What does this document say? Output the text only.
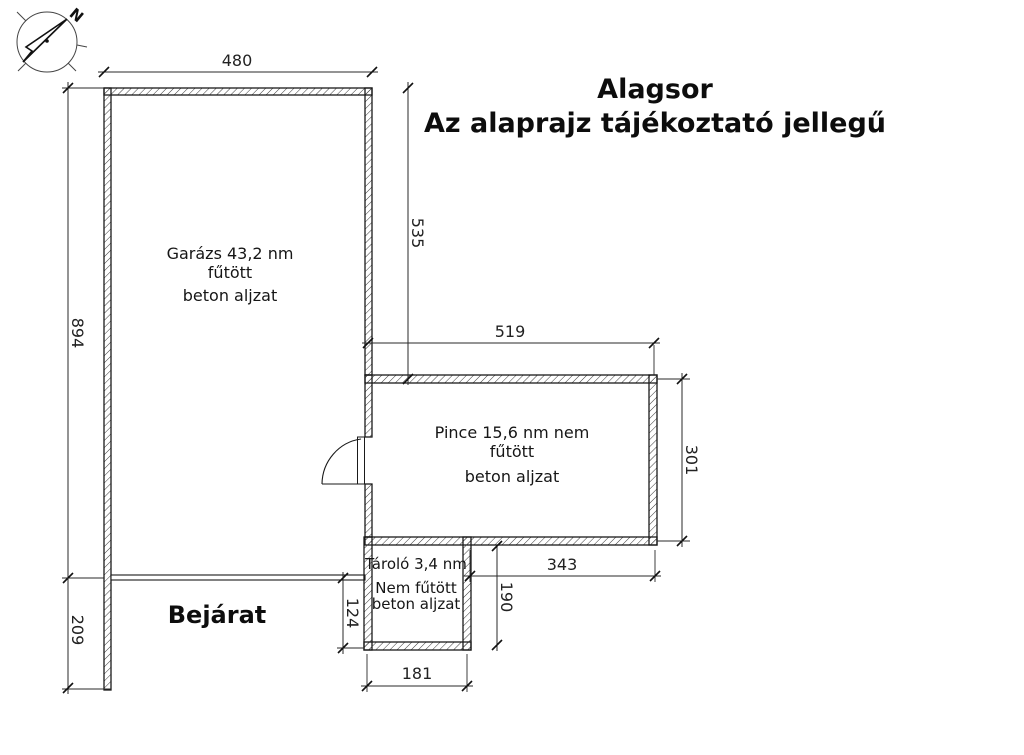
N
Alagsor
Az alaprajz tájékoztató jellegű
480
894
209
535
519
301
343
190
124
181
Garázs 43,2 nm
fűtött
beton aljzat
Pince 15,6 nm nem
fűtött
beton aljzat
Tároló 3,4 nm
Nem fűtött
beton aljzat
Bejárat
